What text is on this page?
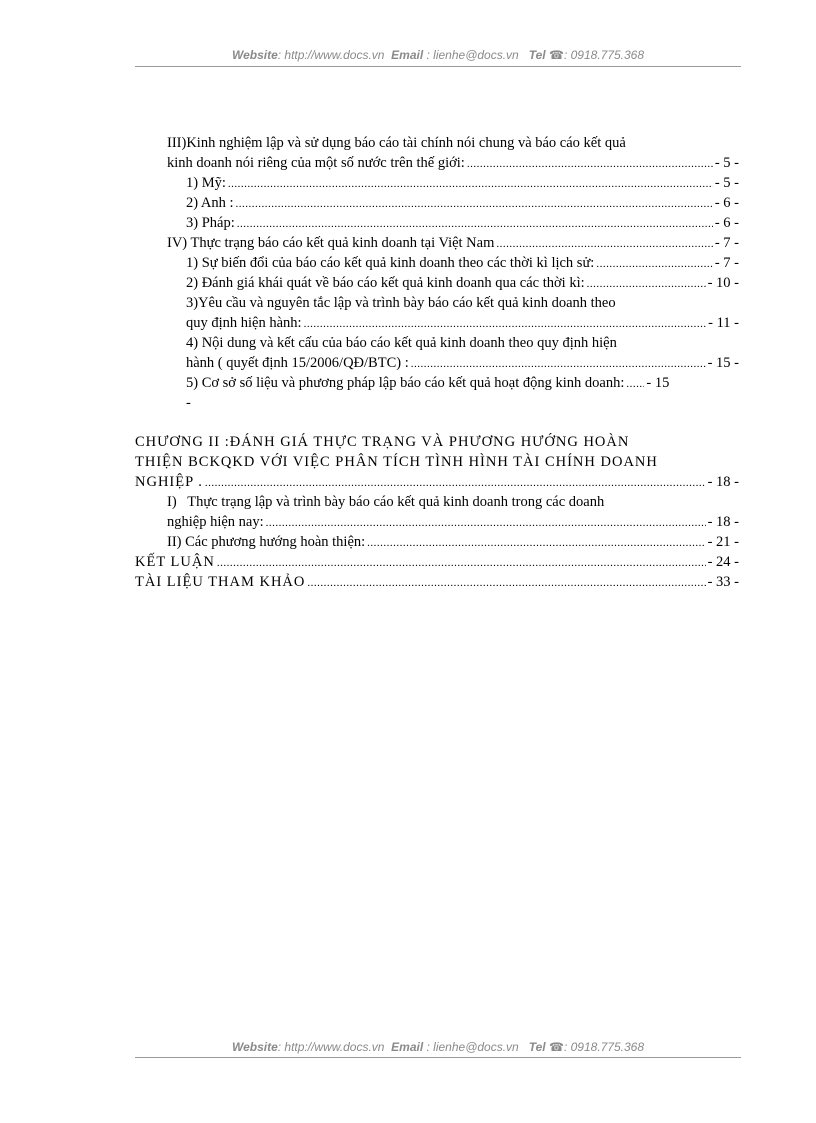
Website: http://www.docs.vn Email : lienhe@docs.vn Tel ☎: 0918.775.368
III)Kinh nghiệm lập và sử dụng báo cáo tài chính nói chung và báo cáo kết quả
kinh doanh nói riêng của một số nước trên thế giới: .....	- 5 -
1) Mỹ: .....	- 5 -
2) Anh : .....	- 6 -
3) Pháp: .....	- 6 -
IV) Thực trạng báo cáo kết quả kinh doanh tại Việt Nam .....	- 7 -
1) Sự biến đổi của báo cáo kết quả kinh doanh theo các thời kì lịch sử: .....	- 7 -
2) Đánh giá khái quát về báo cáo kết quả kinh doanh qua các thời kì: .....	- 10 -
3)Yêu cầu và nguyên tắc lập và trình bày báo cáo kết quả kinh doanh theo
quy định hiện hành: .....	- 11 -
4) Nội dung và kết cấu của báo cáo kết quả kinh doanh theo quy định hiện
hành ( quyết định 15/2006/QĐ/BTC) : .....	- 15 -
5) Cơ sở số liệu và phương pháp lập báo cáo kết quả hoạt động kinh doanh: ..... - 15
-
CHƯƠNG II :ĐÁNH GIÁ THỰC TRẠNG VÀ PHƯƠNG HƯỚNG HOÀN
THIỆN BCKQKD VỚI VIỆC PHÂN TÍCH TÌNH HÌNH TÀI CHÍNH DOANH
NGHIỆP . .....	- 18 -
I)   Thực trạng lập và trình bày báo cáo kết quả kinh doanh trong các doanh
nghiệp hiện nay: .....	- 18 -
II) Các phương hướng hoàn thiện: .....	- 21 -
KẾT LUẬN .....	- 24 -
TÀI LIỆU THAM KHẢO .....	- 33 -
Website: http://www.docs.vn Email : lienhe@docs.vn Tel ☎: 0918.775.368
